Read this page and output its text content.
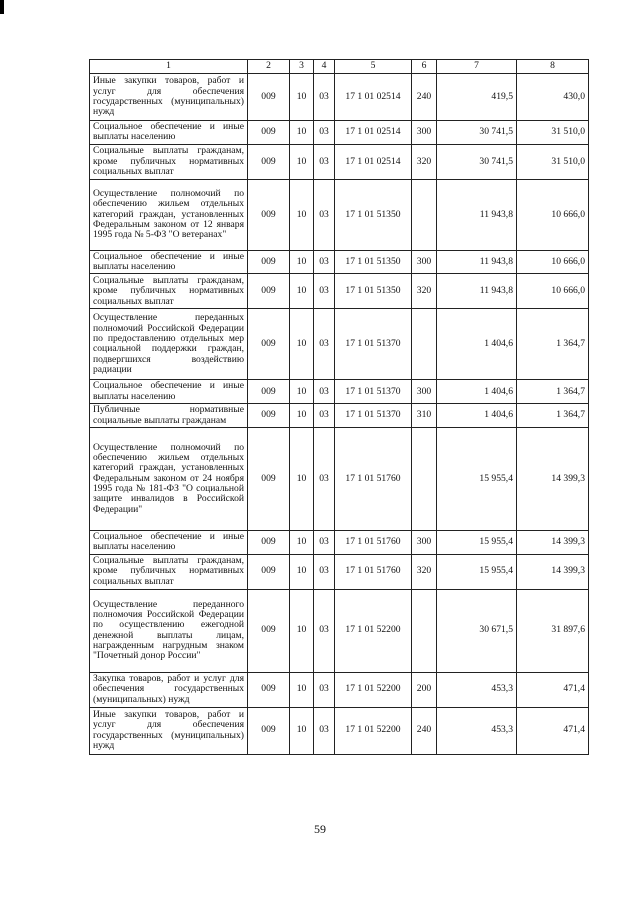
1	2	3	4	5	6	7	8
Иные закупки товаров, работ и услуг для обеспечения государственных (муниципальных) нужд	009	10	03	17 1 01 02514	240	419,5	430,0
Социальное обеспечение и иные выплаты населению	009	10	03	17 1 01 02514	300	30 741,5	31 510,0
Социальные выплаты гражданам, кроме публичных нормативных социальных выплат	009	10	03	17 1 01 02514	320	30 741,5	31 510,0
Осуществление полномочий по обеспечению жильем отдельных категорий граждан, установленных Федеральным законом от 12 января 1995 года № 5-ФЗ "О ветеранах"	009	10	03	17 1 01 51350		11 943,8	10 666,0
Социальное обеспечение и иные выплаты населению	009	10	03	17 1 01 51350	300	11 943,8	10 666,0
Социальные выплаты гражданам, кроме публичных нормативных социальных выплат	009	10	03	17 1 01 51350	320	11 943,8	10 666,0
Осуществление переданных полномочий Российской Федерации по предоставлению отдельных мер социальной поддержки граждан, подвергшихся воздействию радиации	009	10	03	17 1 01 51370		1 404,6	1 364,7
Социальное обеспечение и иные выплаты населению	009	10	03	17 1 01 51370	300	1 404,6	1 364,7
Публичные нормативные социальные выплаты гражданам	009	10	03	17 1 01 51370	310	1 404,6	1 364,7
Осуществление полномочий по обеспечению жильем отдельных категорий граждан, установленных Федеральным законом от 24 ноября 1995 года № 181-ФЗ "О социальной защите инвалидов в Российской Федерации"	009	10	03	17 1 01 51760		15 955,4	14 399,3
Социальное обеспечение и иные выплаты населению	009	10	03	17 1 01 51760	300	15 955,4	14 399,3
Социальные выплаты гражданам, кроме публичных нормативных социальных выплат	009	10	03	17 1 01 51760	320	15 955,4	14 399,3
Осуществление переданного полномочия Российской Федерации по осуществлению ежегодной денежной выплаты лицам, награжденным нагрудным знаком "Почетный донор России"	009	10	03	17 1 01 52200		30 671,5	31 897,6
Закупка товаров, работ и услуг для обеспечения государственных (муниципальных) нужд	009	10	03	17 1 01 52200	200	453,3	471,4
Иные закупки товаров, работ и услуг для обеспечения государственных (муниципальных) нужд	009	10	03	17 1 01 52200	240	453,3	471,4
59
